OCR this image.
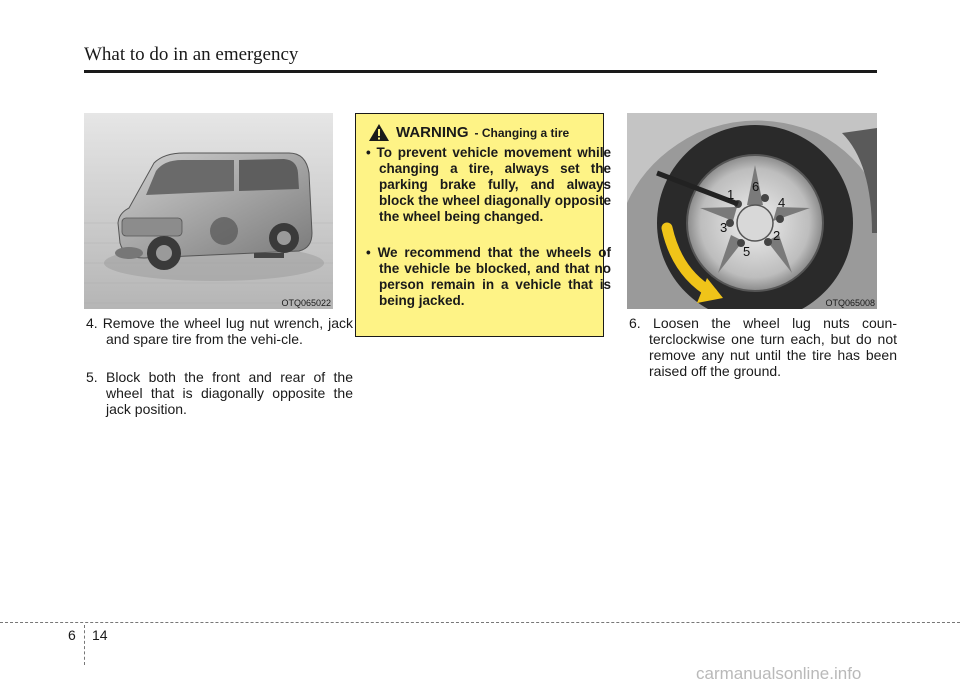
What to do in an emergency
OTQ065022
4. Remove the wheel lug nut wrench, jack and spare tire from the vehi-cle.
5. Block both the front and rear of the wheel that is diagonally opposite the jack position.
WARNING - Changing a tire
• To prevent vehicle movement while changing a tire, always set the parking brake fully, and always block the wheel diagonally opposite the wheel being changed.
• We recommend that the wheels of the vehicle be blocked, and that no person remain in a vehicle that is being jacked.
1
6
4
3
2
5
OTQ065008
6. Loosen the wheel lug nuts coun-terclockwise one turn each, but do not remove any nut until the tire has been raised off the ground.
6 14
carmanualsonline.info
